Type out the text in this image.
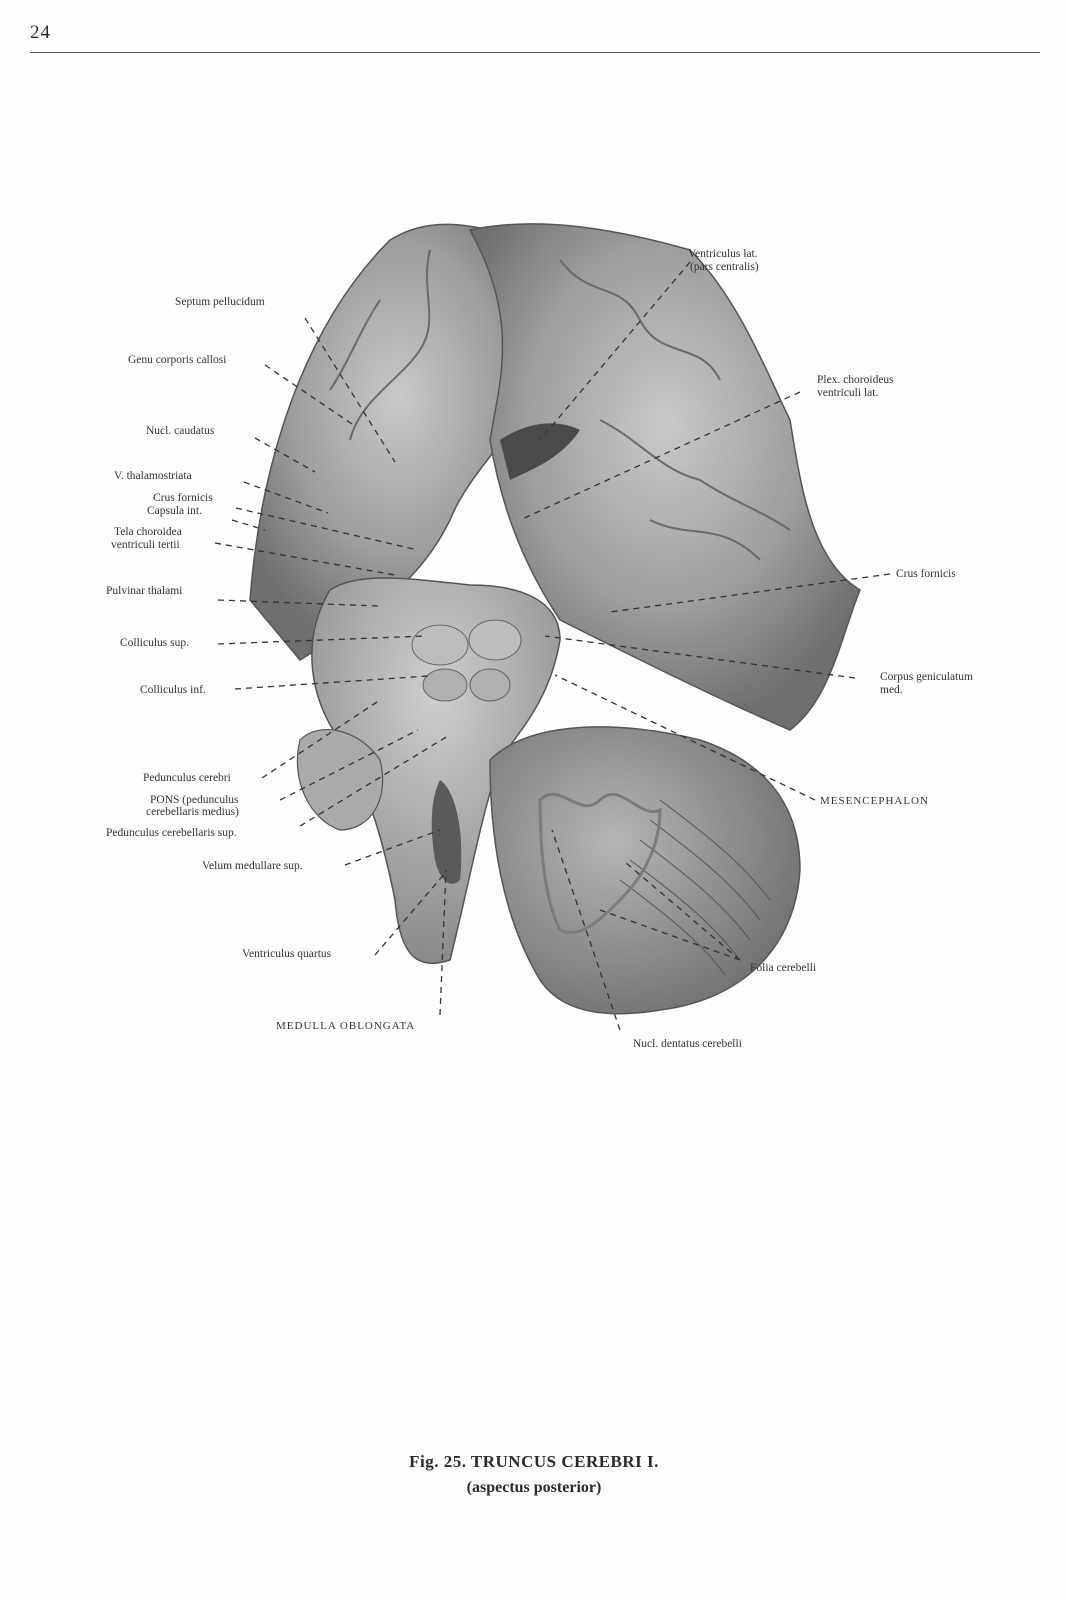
24
Ventriculus lat.
(pars centralis)
Septum pellucidum
Genu corporis callosi
Plex. choroideus
ventriculi lat.
Nucl. caudatus
V. thalamostriata
Crus fornicis
Capsula int.
Tela choroidea
ventriculi tertii
Crus fornicis
Pulvinar thalami
Colliculus sup.
Corpus geniculatum
med.
Colliculus inf.
Pedunculus cerebri
PONS (pedunculus
cerebellaris medius)
Pedunculus cerebellaris sup.
MESENCEPHALON
Velum medullare sup.
Ventriculus quartus
Folia cerebelli
MEDULLA OBLONGATA
Nucl. dentatus cerebelli
Fig. 25. TRUNCUS CEREBRI I.
(aspectus posterior)
